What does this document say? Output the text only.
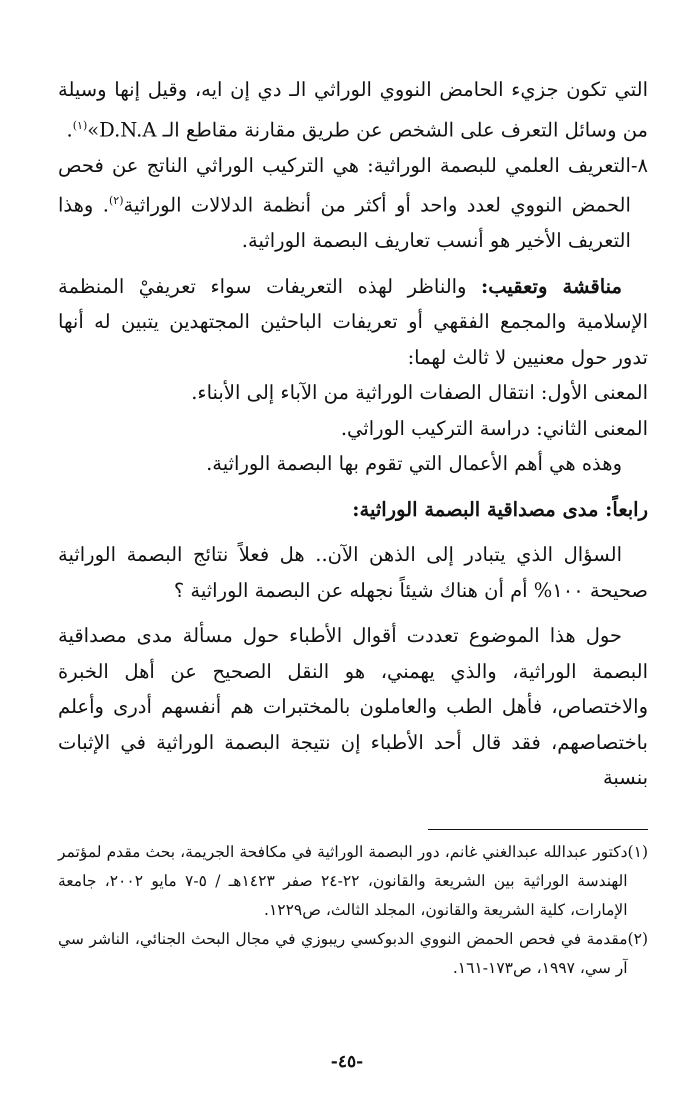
التي تكون جزيء الحامض النووي الوراثي الـ دي إن ايه، وقيل إنها وسيلة من وسائل التعرف على الشخص عن طريق مقارنة مقاطع الـ D.N.A»$^{(١)}$.

٨-
التعريف العلمي للبصمة الوراثية: هي التركيب الوراثي الناتج عن فحص الحمض النووي لعدد واحد أو أكثر من أنظمة الدلالات الوراثية$^{(٢)}$. وهذا التعريف الأخير هو أنسب تعاريف البصمة الوراثية.

مناقشة وتعقيب: والناظر لهذه التعريفات سواء تعريفيْ المنظمة الإسلامية والمجمع الفقهي أو تعريفات الباحثين المجتهدين يتبين له أنها تدور حول معنيين لا ثالث لهما:

المعنى الأول: انتقال الصفات الوراثية من الآباء إلى الأبناء.

المعنى الثاني: دراسة التركيب الوراثي.

وهذه هي أهم الأعمال التي تقوم بها البصمة الوراثية.

رابعاً: مدى مصداقية البصمة الوراثية:

السؤال الذي يتبادر إلى الذهن الآن.. هل فعلاً نتائج البصمة الوراثية صحيحة ١٠٠% أم أن هناك شيئاً نجهله عن البصمة الوراثية ؟

حول هذا الموضوع تعددت أقوال الأطباء حول مسألة مدى مصداقية البصمة الوراثية، والذي يهمني، هو النقل الصحيح عن أهل الخبرة والاختصاص، فأهل الطب والعاملون بالمختبرات هم أنفسهم أدرى وأعلم باختصاصهم، فقد قال أحد الأطباء إن نتيجة البصمة الوراثية في الإثبات بنسبة

(١)
دكتور عبدالله عبدالغني غانم، دور البصمة الوراثية في مكافحة الجريمة، بحث مقدم لمؤتمر الهندسة الوراثية بين الشريعة والقانون، ٢٢-٢٤ صفر ١٤٢٣هـ / ٥-٧ مايو ٢٠٠٢، جامعة الإمارات، كلية الشريعة والقانون، المجلد الثالث، ص١٢٢٩.
(٢)
مقدمة في فحص الحمض النووي الدبوكسي ريبوزي في مجال البحث الجنائي، الناشر سي آر سي، ١٩٩٧، ص١٧٣-١٦١.
-٤٥-
